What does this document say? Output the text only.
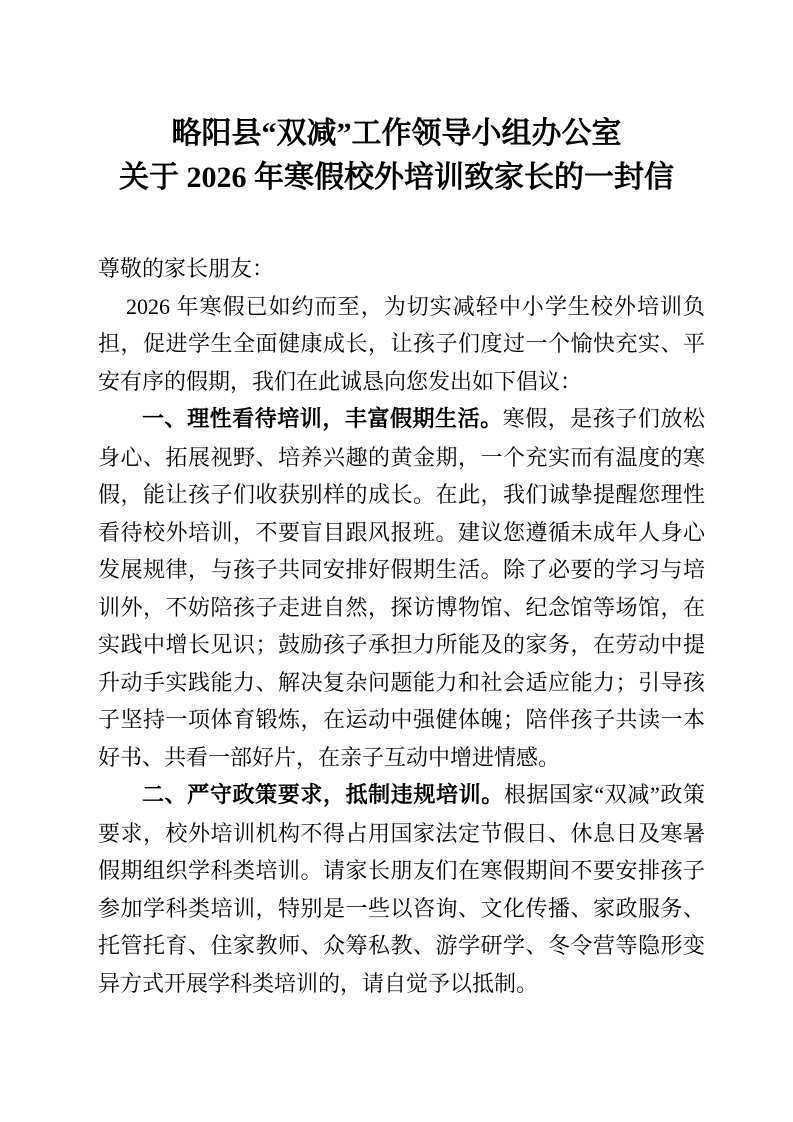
略阳县“双减”工作领导小组办公室
关于 2026 年寒假校外培训致家长的一封信

尊敬的家长朋友：

2026 年寒假已如约而至，为切实减轻中小学生校外培训负担，促进学生全面健康成长，让孩子们度过一个愉快充实、平安有序的假期，我们在此诚恳向您发出如下倡议：

一、理性看待培训，丰富假期生活。寒假，是孩子们放松身心、拓展视野、培养兴趣的黄金期，一个充实而有温度的寒假，能让孩子们收获别样的成长。在此，我们诚挚提醒您理性看待校外培训，不要盲目跟风报班。建议您遵循未成年人身心发展规律，与孩子共同安排好假期生活。除了必要的学习与培训外，不妨陪孩子走进自然，探访博物馆、纪念馆等场馆，在实践中增长见识；鼓励孩子承担力所能及的家务，在劳动中提升动手实践能力、解决复杂问题能力和社会适应能力；引导孩子坚持一项体育锻炼，在运动中强健体魄；陪伴孩子共读一本好书、共看一部好片，在亲子互动中增进情感。

二、严守政策要求，抵制违规培训。根据国家“双减”政策要求，校外培训机构不得占用国家法定节假日、休息日及寒暑假期组织学科类培训。请家长朋友们在寒假期间不要安排孩子参加学科类培训，特别是一些以咨询、文化传播、家政服务、托管托育、住家教师、众筹私教、游学研学、冬令营等隐形变异方式开展学科类培训的，请自觉予以抵制。
